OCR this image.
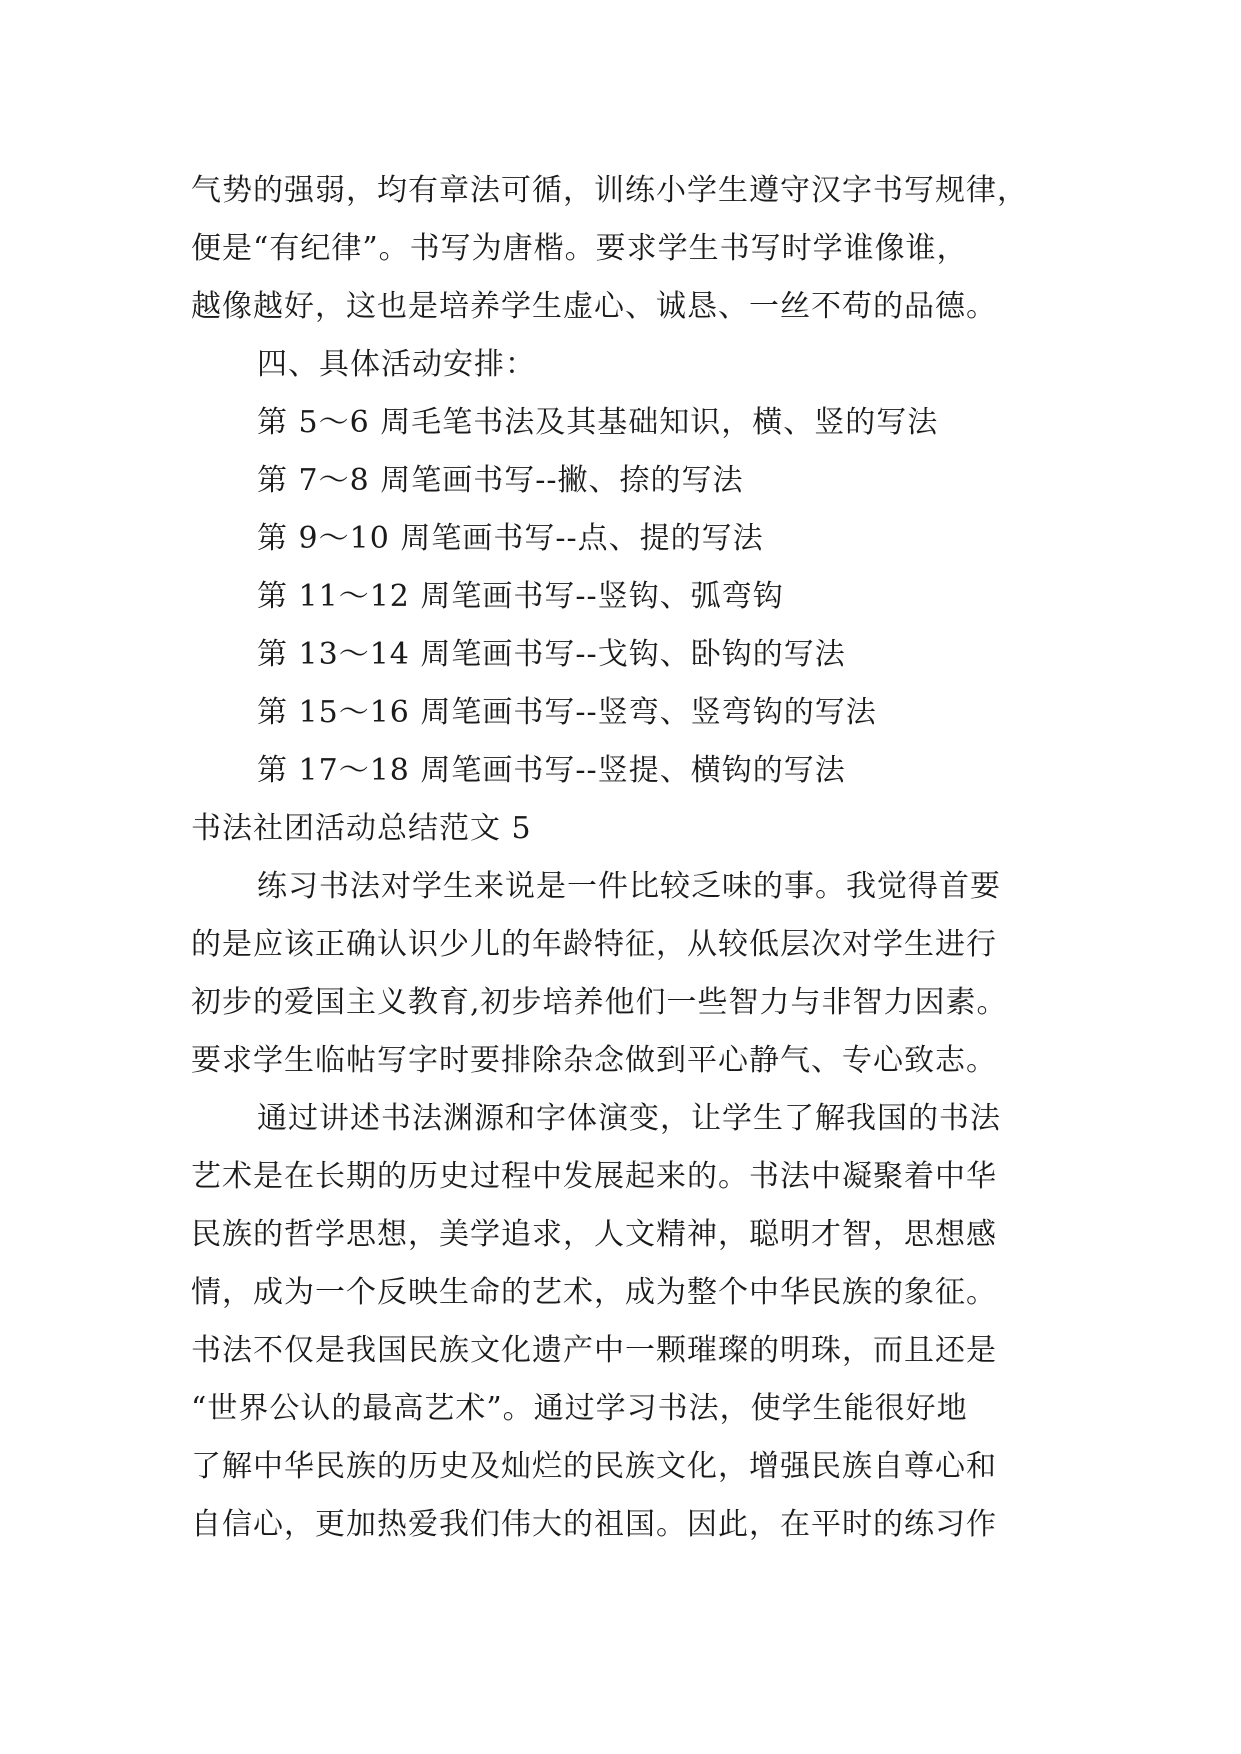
气势的强弱，均有章法可循，训练小学生遵守汉字书写规律，
便是“有纪律”。书写为唐楷。要求学生书写时学谁像谁，
越像越好，这也是培养学生虚心、诚恳、一丝不苟的品德。
四、具体活动安排：
第 5～6 周毛笔书法及其基础知识，横、竖的写法
第 7～8 周笔画书写--撇、捺的写法
第 9～10 周笔画书写--点、提的写法
第 11～12 周笔画书写--竖钩、弧弯钩
第 13～14 周笔画书写--戈钩、卧钩的写法
第 15～16 周笔画书写--竖弯、竖弯钩的写法
第 17～18 周笔画书写--竖提、横钩的写法
书法社团活动总结范文 5
练习书法对学生来说是一件比较乏味的事。我觉得首要
的是应该正确认识少儿的年龄特征，从较低层次对学生进行
初步的爱国主义教育,初步培养他们一些智力与非智力因素。
要求学生临帖写字时要排除杂念做到平心静气、专心致志。
通过讲述书法渊源和字体演变，让学生了解我国的书法
艺术是在长期的历史过程中发展起来的。书法中凝聚着中华
民族的哲学思想，美学追求，人文精神，聪明才智，思想感
情，成为一个反映生命的艺术，成为整个中华民族的象征。
书法不仅是我国民族文化遗产中一颗璀璨的明珠，而且还是
“世界公认的最高艺术”。通过学习书法，使学生能很好地
了解中华民族的历史及灿烂的民族文化，增强民族自尊心和
自信心，更加热爱我们伟大的祖国。因此，在平时的练习作
